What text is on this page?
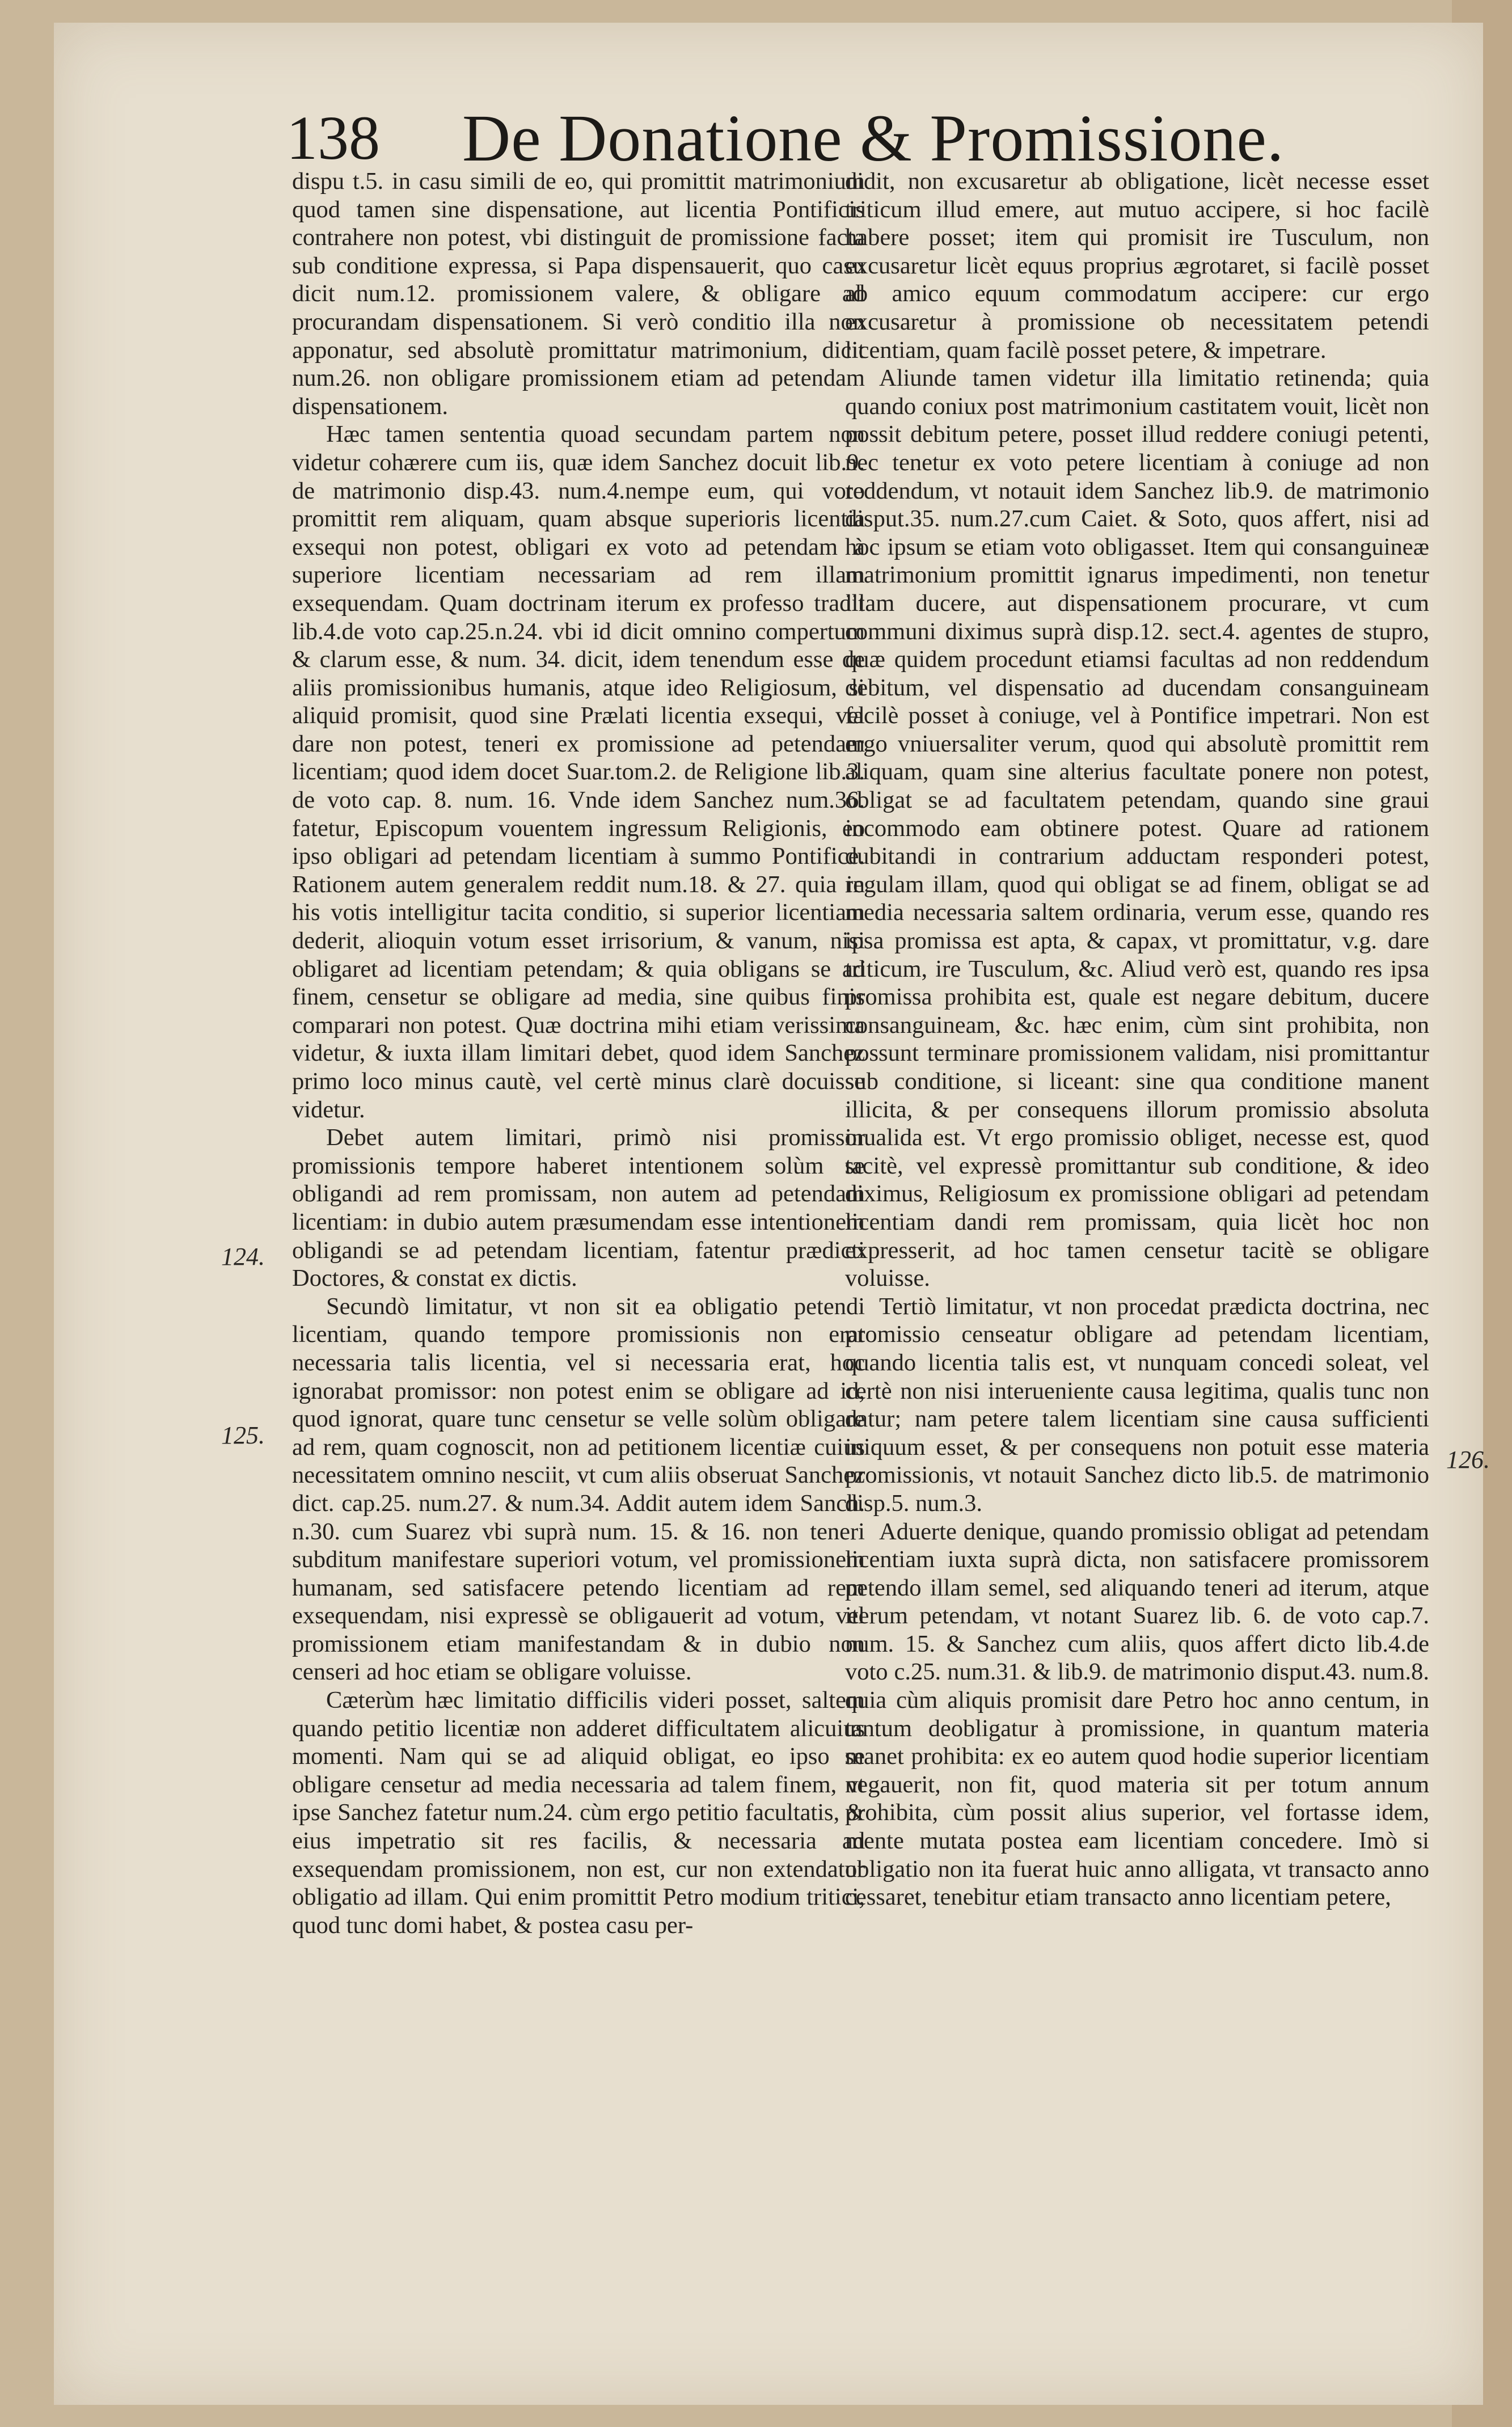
138 De Donatione & Promissione.

dispu t.5. in casu simili de eo, qui promittit matrimonium quod tamen sine dispensatione, aut licentia Pontificis contrahere non potest, vbi distinguit de promissione facta sub conditione expressa, si Papa dispensauerit, quo casu dicit num.12. promissionem valere, & obligare ad procurandam dispensationem. Si verò conditio illa non apponatur, sed absolutè promittatur matrimonium, dicit num.26. non obligare promissionem etiam ad petendam dispensationem.

Hæc tamen sententia quoad secundam partem non videtur cohærere cum iis, quæ idem Sanchez docuit lib.9. de matrimonio disp.43. num.4.nempe eum, qui voto promittit rem aliquam, quam absque superioris licentia exsequi non potest, obligari ex voto ad petendam à superiore licentiam necessariam ad rem illam exsequendam. Quam doctrinam iterum ex professo tradit lib.4.de voto cap.25.n.24. vbi id dicit omnino compertum & clarum esse, & num. 34. dicit, idem tenendum esse de aliis promissionibus humanis, atque ideo Religiosum, si aliquid promisit, quod sine Prælati licentia exsequi, vel dare non potest, teneri ex promissione ad petendam licentiam; quod idem docet Suar.tom.2. de Religione lib.3. de voto cap. 8. num. 16. Vnde idem Sanchez num.36. fatetur, Episcopum vouentem ingressum Religionis, eo ipso obligari ad petendam licentiam à summo Pontifice. Rationem autem generalem reddit num.18. & 27. quia in his votis intelligitur tacita conditio, si superior licentiam dederit, alioquin votum esset irrisorium, & vanum, nisi obligaret ad licentiam petendam; & quia obligans se ad finem, censetur se obligare ad media, sine quibus finis comparari non potest. Quæ doctrina mihi etiam verissima videtur, & iuxta illam limitari debet, quod idem Sanchez primo loco minus cautè, vel certè minus clarè docuisse videtur.

Debet autem limitari, primò nisi promissor promissionis tempore haberet intentionem solùm se obligandi ad rem promissam, non autem ad petendam licentiam: in dubio autem præsumendam esse intentionem obligandi se ad petendam licentiam, fatentur prædicti Doctores, & constat ex dictis.

Secundò limitatur, vt non sit ea obligatio petendi licentiam, quando tempore promissionis non erat necessaria talis licentia, vel si necessaria erat, hoc ignorabat promissor: non potest enim se obligare ad id, quod ignorat, quare tunc censetur se velle solùm obligare ad rem, quam cognoscit, non ad petitionem licentiæ cuius necessitatem omnino nesciit, vt cum aliis obseruat Sanchez dict. cap.25. num.27. & num.34. Addit autem idem Sanch. n.30. cum Suarez vbi suprà num. 15. & 16. non teneri subditum manifestare superiori votum, vel promissionem humanam, sed satisfacere petendo licentiam ad rem exsequendam, nisi expressè se obligauerit ad votum, vel promissionem etiam manifestandam & in dubio non censeri ad hoc etiam se obligare voluisse.

Cæterùm hæc limitatio difficilis videri posset, saltem quando petitio licentiæ non adderet difficultatem alicuius momenti. Nam qui se ad aliquid obligat, eo ipso se obligare censetur ad media necessaria ad talem finem, vt ipse Sanchez fatetur num.24. cùm ergo petitio facultatis, & eius impetratio sit res facilis, & necessaria ad exsequendam promissionem, non est, cur non extendatur obligatio ad illam. Qui enim promittit Petro modium tritici, quod tunc domi habet, & postea casu per-

didit, non excusaretur ab obligatione, licèt necesse esset triticum illud emere, aut mutuo accipere, si hoc facilè habere posset; item qui promisit ire Tusculum, non excusaretur licèt equus proprius ægrotaret, si facilè posset ab amico equum commodatum accipere: cur ergo excusaretur à promissione ob necessitatem petendi licentiam, quam facilè posset petere, & impetrare.

Aliunde tamen videtur illa limitatio retinenda; quia quando coniux post matrimonium castitatem vouit, licèt non possit debitum petere, posset illud reddere coniugi petenti, nec tenetur ex voto petere licentiam à coniuge ad non reddendum, vt notauit idem Sanchez lib.9. de matrimonio disput.35. num.27.cum Caiet. & Soto, quos affert, nisi ad hoc ipsum se etiam voto obligasset. Item qui consanguineæ matrimonium promittit ignarus impedimenti, non tenetur illam ducere, aut dispensationem procurare, vt cum communi diximus suprà disp.12. sect.4. agentes de stupro, quæ quidem procedunt etiamsi facultas ad non reddendum debitum, vel dispensatio ad ducendam consanguineam facilè posset à coniuge, vel à Pontifice impetrari. Non est ergo vniuersaliter verum, quod qui absolutè promittit rem aliquam, quam sine alterius facultate ponere non potest, obligat se ad facultatem petendam, quando sine graui incommodo eam obtinere potest. Quare ad rationem dubitandi in contrarium adductam responderi potest, regulam illam, quod qui obligat se ad finem, obligat se ad media necessaria saltem ordinaria, verum esse, quando res ipsa promissa est apta, & capax, vt promittatur, v.g. dare triticum, ire Tusculum, &c. Aliud verò est, quando res ipsa promissa prohibita est, quale est negare debitum, ducere consanguineam, &c. hæc enim, cùm sint prohibita, non possunt terminare promissionem validam, nisi promittantur sub conditione, si liceant: sine qua conditione manent illicita, & per consequens illorum promissio absoluta inualida est. Vt ergo promissio obliget, necesse est, quod tacitè, vel expressè promittantur sub conditione, & ideo diximus, Religiosum ex promissione obligari ad petendam licentiam dandi rem promissam, quia licèt hoc non expresserit, ad hoc tamen censetur tacitè se obligare voluisse.

Tertiò limitatur, vt non procedat prædicta doctrina, nec promissio censeatur obligare ad petendam licentiam, quando licentia talis est, vt nunquam concedi soleat, vel certè non nisi interueniente causa legitima, qualis tunc non datur; nam petere talem licentiam sine causa sufficienti iniquum esset, & per consequens non potuit esse materia promissionis, vt notauit Sanchez dicto lib.5. de matrimonio disp.5. num.3.

Aduerte denique, quando promissio obligat ad petendam licentiam iuxta suprà dicta, non satisfacere promissorem petendo illam semel, sed aliquando teneri ad iterum, atque iterum petendam, vt notant Suarez lib. 6. de voto cap.7. num. 15. & Sanchez cum aliis, quos affert dicto lib.4.de voto c.25. num.31. & lib.9. de matrimonio disput.43. num.8. quia cùm aliquis promisit dare Petro hoc anno centum, in tantum deobligatur à promissione, in quantum materia manet prohibita: ex eo autem quod hodie superior licentiam negauerit, non fit, quod materia sit per totum annum prohibita, cùm possit alius superior, vel fortasse idem, mente mutata postea eam licentiam concedere. Imò si obligatio non ita fuerat huic anno alligata, vt transacto anno cessaret, tenebitur etiam transacto anno licentiam petere,

124.
125.
126.
